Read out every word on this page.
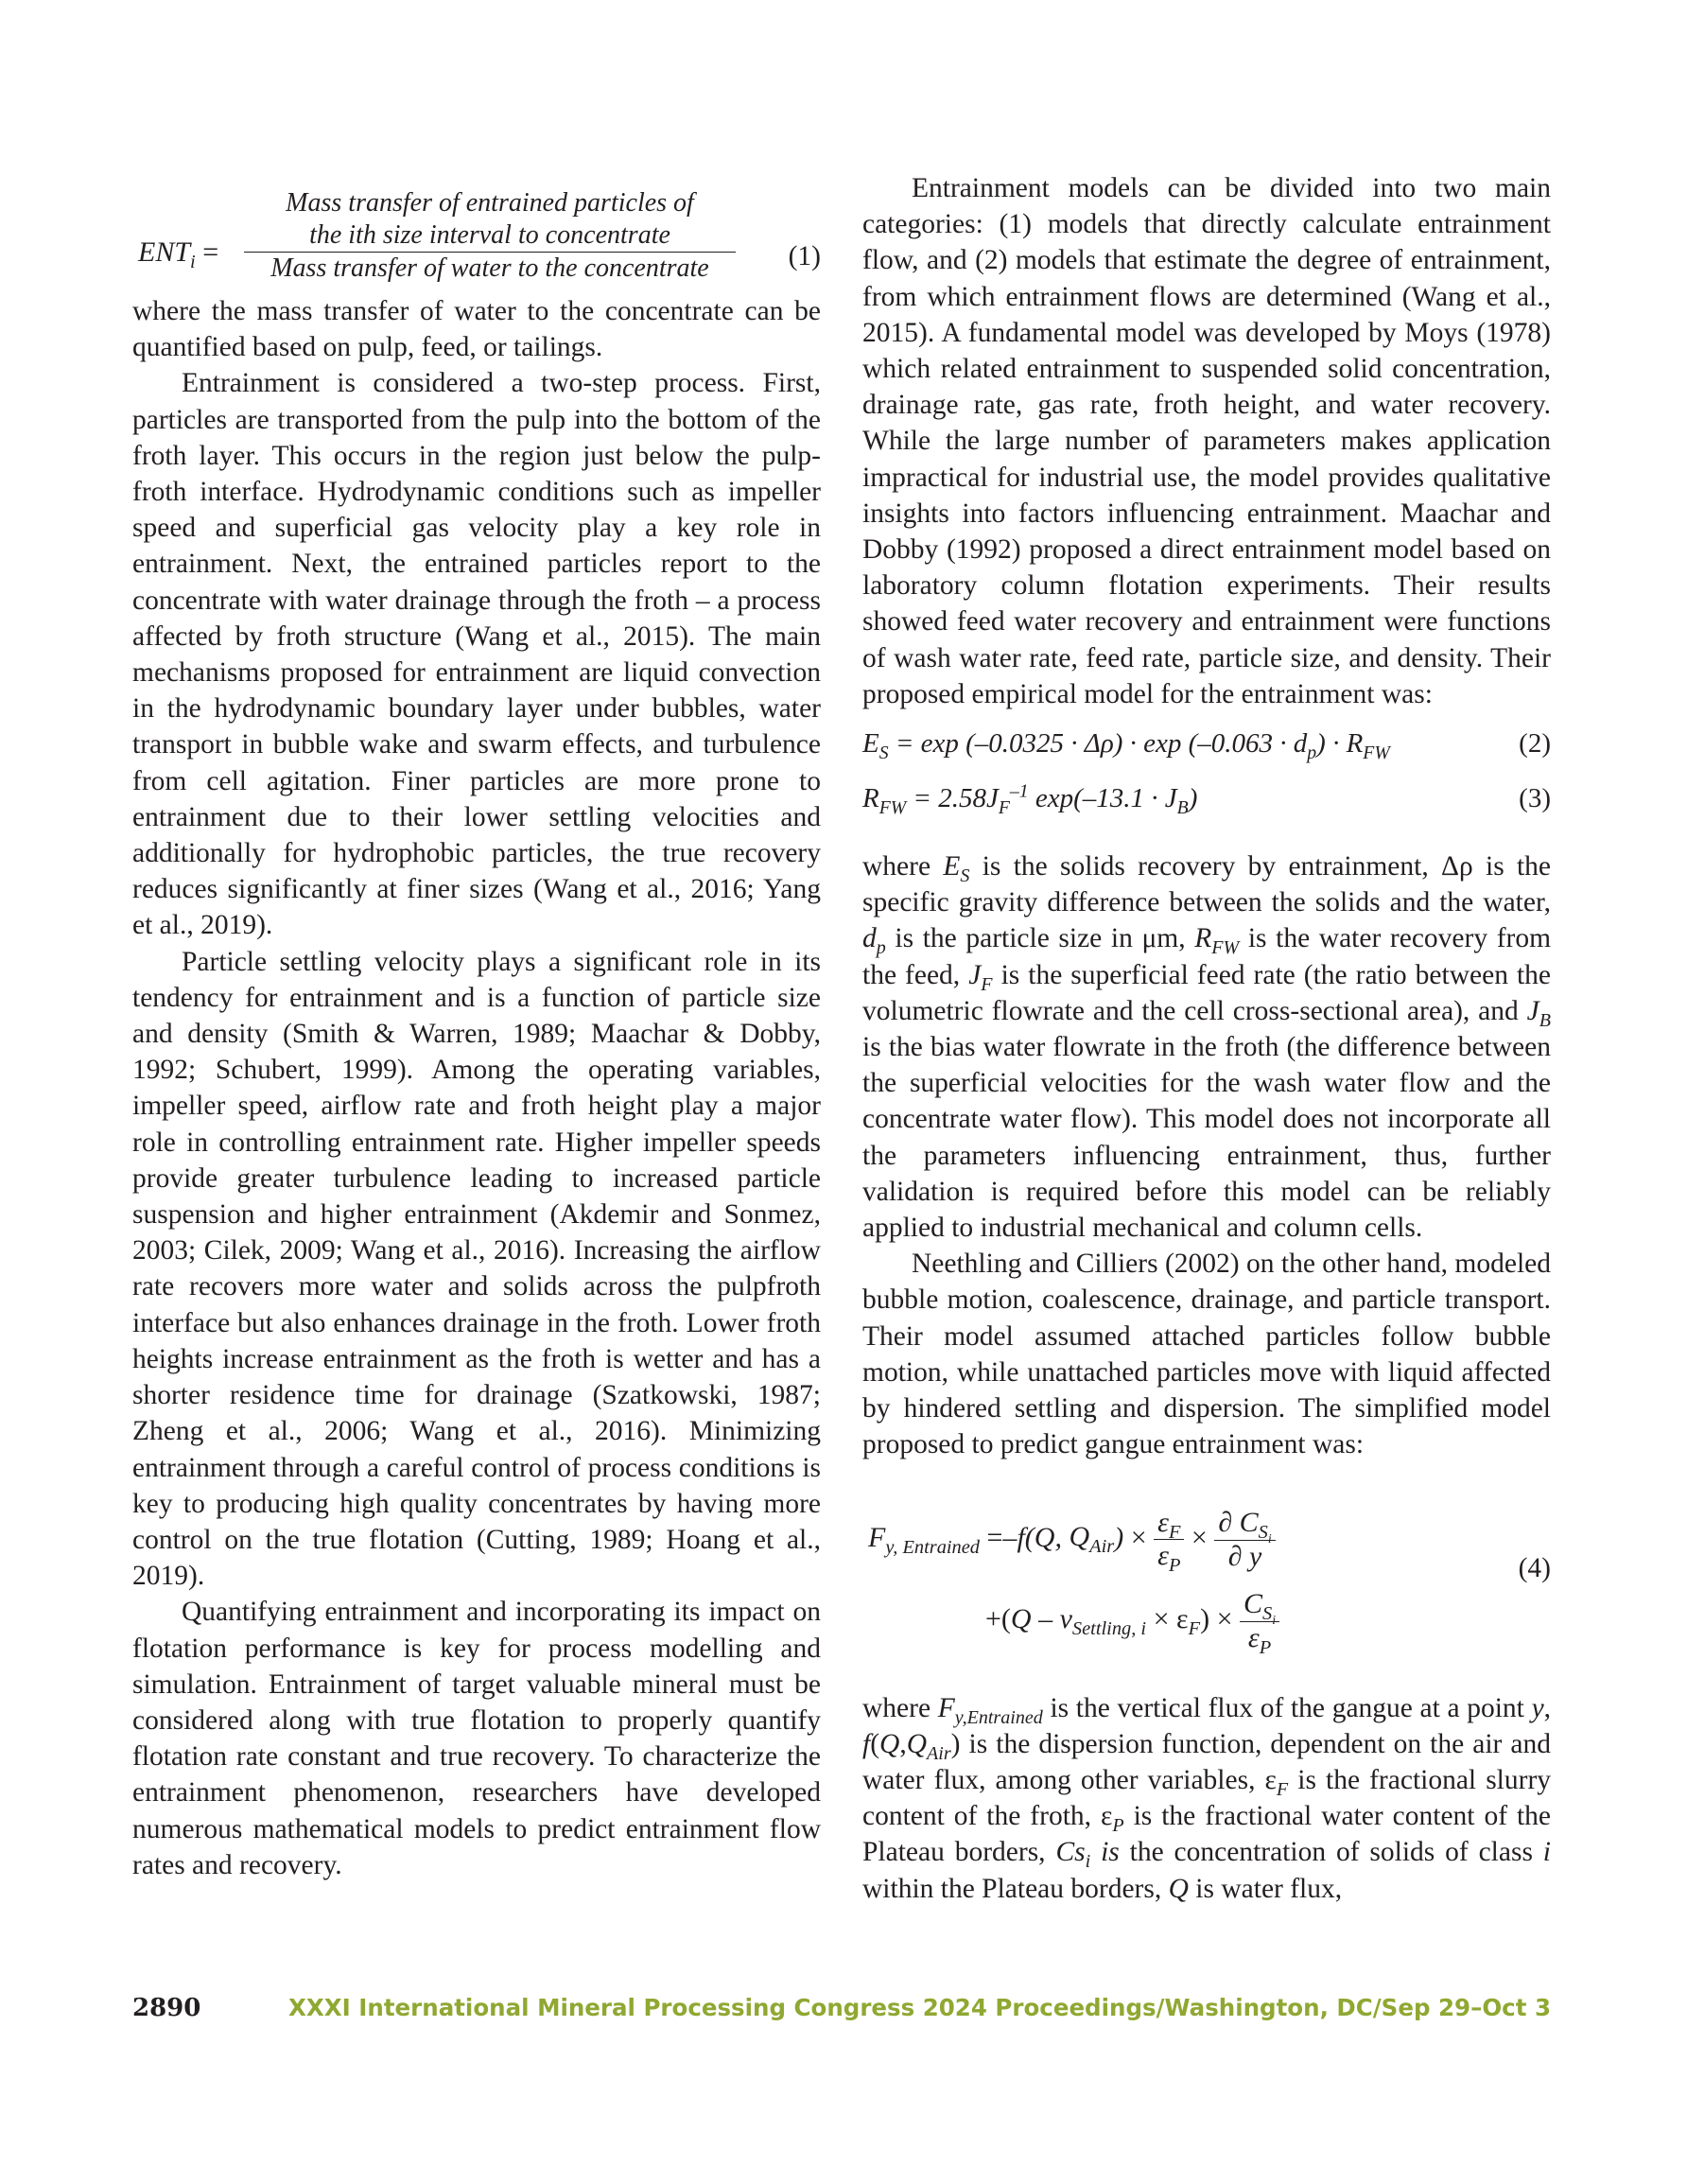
$ENT_i$ =
Mass transfer of entrained particles of
the ith size interval to concentrate
Mass transfer of water to the concentrate	(1)

where the mass transfer of water to the concentrate can be quantified based on pulp, feed, or tailings.

Entrainment is considered a two-step process. First, particles are transported from the pulp into the bottom of the froth layer. This occurs in the region just below the pulp-froth interface. Hydrodynamic conditions such as impeller speed and superficial gas velocity play a key role in entrainment. Next, the entrained particles report to the concentrate with water drainage through the froth – a process affected by froth structure (Wang et al., 2015). The main mechanisms proposed for entrainment are liquid convection in the hydrodynamic boundary layer under bubbles, water transport in bubble wake and swarm effects, and turbulence from cell agitation. Finer particles are more prone to entrainment due to their lower settling velocities and additionally for hydrophobic particles, the true recovery reduces significantly at finer sizes (Wang et al., 2016; Yang et al., 2019).

Particle settling velocity plays a significant role in its tendency for entrainment and is a function of particle size and density (Smith & Warren, 1989; Maachar & Dobby, 1992; Schubert, 1999). Among the operating variables, impeller speed, airflow rate and froth height play a major role in controlling entrainment rate. Higher impeller speeds provide greater turbulence leading to increased particle suspension and higher entrainment (Akdemir and Sonmez, 2003; Cilek, 2009; Wang et al., 2016). Increasing the airflow rate recovers more water and solids across the pulpfroth interface but also enhances drainage in the froth. Lower froth heights increase entrainment as the froth is wetter and has a shorter residence time for drainage (Szatkowski, 1987; Zheng et al., 2006; Wang et al., 2016). Minimizing entrainment through a careful control of process conditions is key to producing high quality concentrates by having more control on the true flotation (Cutting, 1989; Hoang et al., 2019).

Quantifying entrainment and incorporating its impact on flotation performance is key for process modelling and simulation. Entrainment of target valuable mineral must be considered along with true flotation to properly quantify flotation rate constant and true recovery. To characterize the entrainment phenomenon, researchers have developed numerous mathematical models to predict entrainment flow rates and recovery.

Entrainment models can be divided into two main categories: (1) models that directly calculate entrainment flow, and (2) models that estimate the degree of entrainment, from which entrainment flows are determined (Wang et al., 2015). A fundamental model was developed by Moys (1978) which related entrainment to suspended solid concentration, drainage rate, gas rate, froth height, and water recovery. While the large number of parameters makes application impractical for industrial use, the model provides qualitative insights into factors influencing entrainment. Maachar and Dobby (1992) proposed a direct entrainment model based on laboratory column flotation experiments. Their results showed feed water recovery and entrainment were functions of wash water rate, feed rate, particle size, and density. Their proposed empirical model for the entrainment was:

$E_S = \exp (-0.0325 \cdot \Delta\rho) \cdot \exp (-0.063 \cdot d_p) \cdot R_{FW}$	(2)
$R_{FW} = 2.58J_F^{-1}$ $\exp(-13.1 \cdot J_B)$	(3)

where $E_S$ is the solids recovery by entrainment, Δρ is the specific gravity difference between the solids and the water, $d_p$ is the particle size in μm, $R_{FW}$ is the water recovery from the feed, $J_F$ is the superficial feed rate (the ratio between the volumetric flowrate and the cell cross-sectional area), and $J_B$ is the bias water flowrate in the froth (the difference between the superficial velocities for the wash water flow and the concentrate water flow). This model does not incorporate all the parameters influencing entrainment, thus, further validation is required before this model can be reliably applied to industrial mechanical and column cells.

Neethling and Cilliers (2002) on the other hand, modeled bubble motion, coalescence, drainage, and particle transport. Their model assumed attached particles follow bubble motion, while unattached particles move with liquid affected by hindered settling and dispersion. The simplified model proposed to predict gangue entrainment was:

$F_{y, Entrained} =-f(Q$, $Q_{Air}) \times \frac{\varepsilon_F}{\varepsilon_P}$ × ∂ $C_{S_i}$
∂ y
$+(Q - v_{Settling, i} \times \varepsilon_F) \times C_{S_i}$
$\varepsilon_P$
(4)

where $F_{y,Entrained}$ is the vertical flux of the gangue at a point y, $f(Q,Q_{Air})$ is the dispersion function, dependent on the air and water flux, among other variables, $\varepsilon_F$ is the fractional slurry content of the froth, $\varepsilon_P$ is the fractional water content of the Plateau borders, $Cs_i$ is the concentration of solids of class i within the Plateau borders, Q is water flux,

2890	XXXI International Mineral Processing Congress 2024 Proceedings/Washington, DC/Sep 29–Oct 3
